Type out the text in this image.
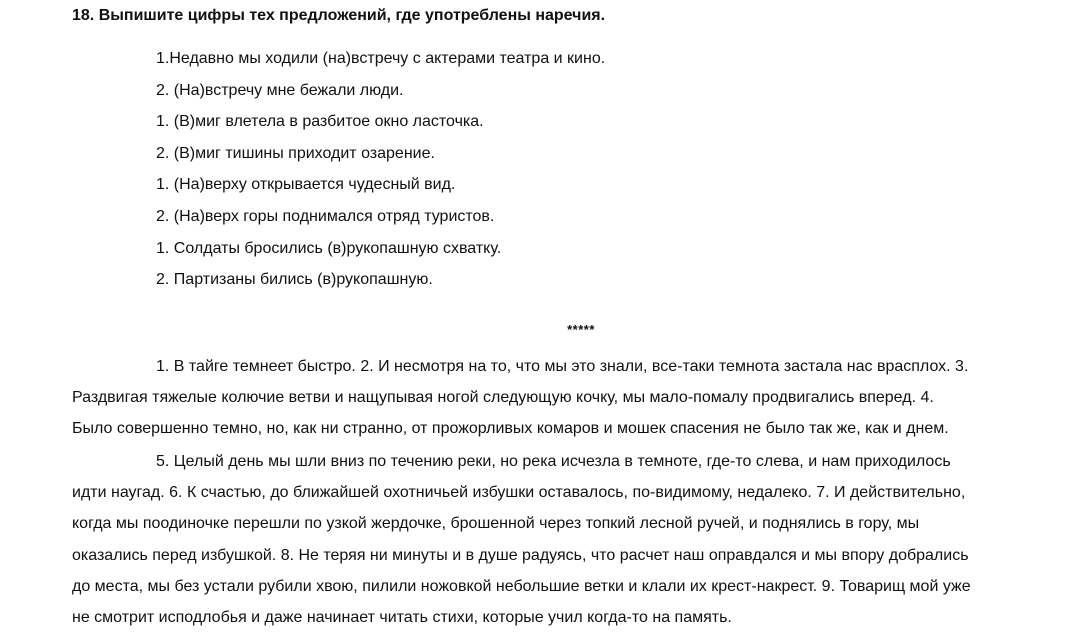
18. Выпишите цифры тех предложений, где употреблены наречия.
1.Недавно мы ходили (на)встречу с актерами театра и кино.
2. (На)встречу мне бежали люди.
1. (В)миг влетела в разбитое окно ласточка.
2. (В)миг тишины приходит озарение.
1. (На)верху открывается чудесный вид.
2. (На)верх горы поднимался отряд туристов.
1. Солдаты бросились (в)рукопашную схватку.
2. Партизаны бились (в)рукопашную.
*****
1. В тайге темнеет быстро. 2. И несмотря на то, что мы это знали, все-таки темнота застала нас врасплох. 3.
Раздвигая тяжелые колючие ветви и нащупывая ногой следующую кочку, мы мало-помалу продвигались вперед. 4.
Было совершенно темно, но, как ни странно, от прожорливых комаров и мошек спасения не было так же, как и днем.
5. Целый день мы шли вниз по течению реки, но река исчезла в темноте, где-то слева, и нам приходилось
идти наугад. 6. К счастью, до ближайшей охотничьей избушки оставалось, по-видимому, недалеко. 7. И действительно,
когда мы поодиночке перешли по узкой жердочке, брошенной через топкий лесной ручей, и поднялись в гору, мы
оказались перед избушкой. 8. Не теряя ни минуты и в душе радуясь, что расчет наш оправдался и мы впору добрались
до места, мы без устали рубили хвою, пилили ножовкой небольшие ветки и клали их крест-накрест. 9. Товарищ мой уже
не смотрит исподлобья и даже начинает читать стихи, которые учил когда-то на память.
